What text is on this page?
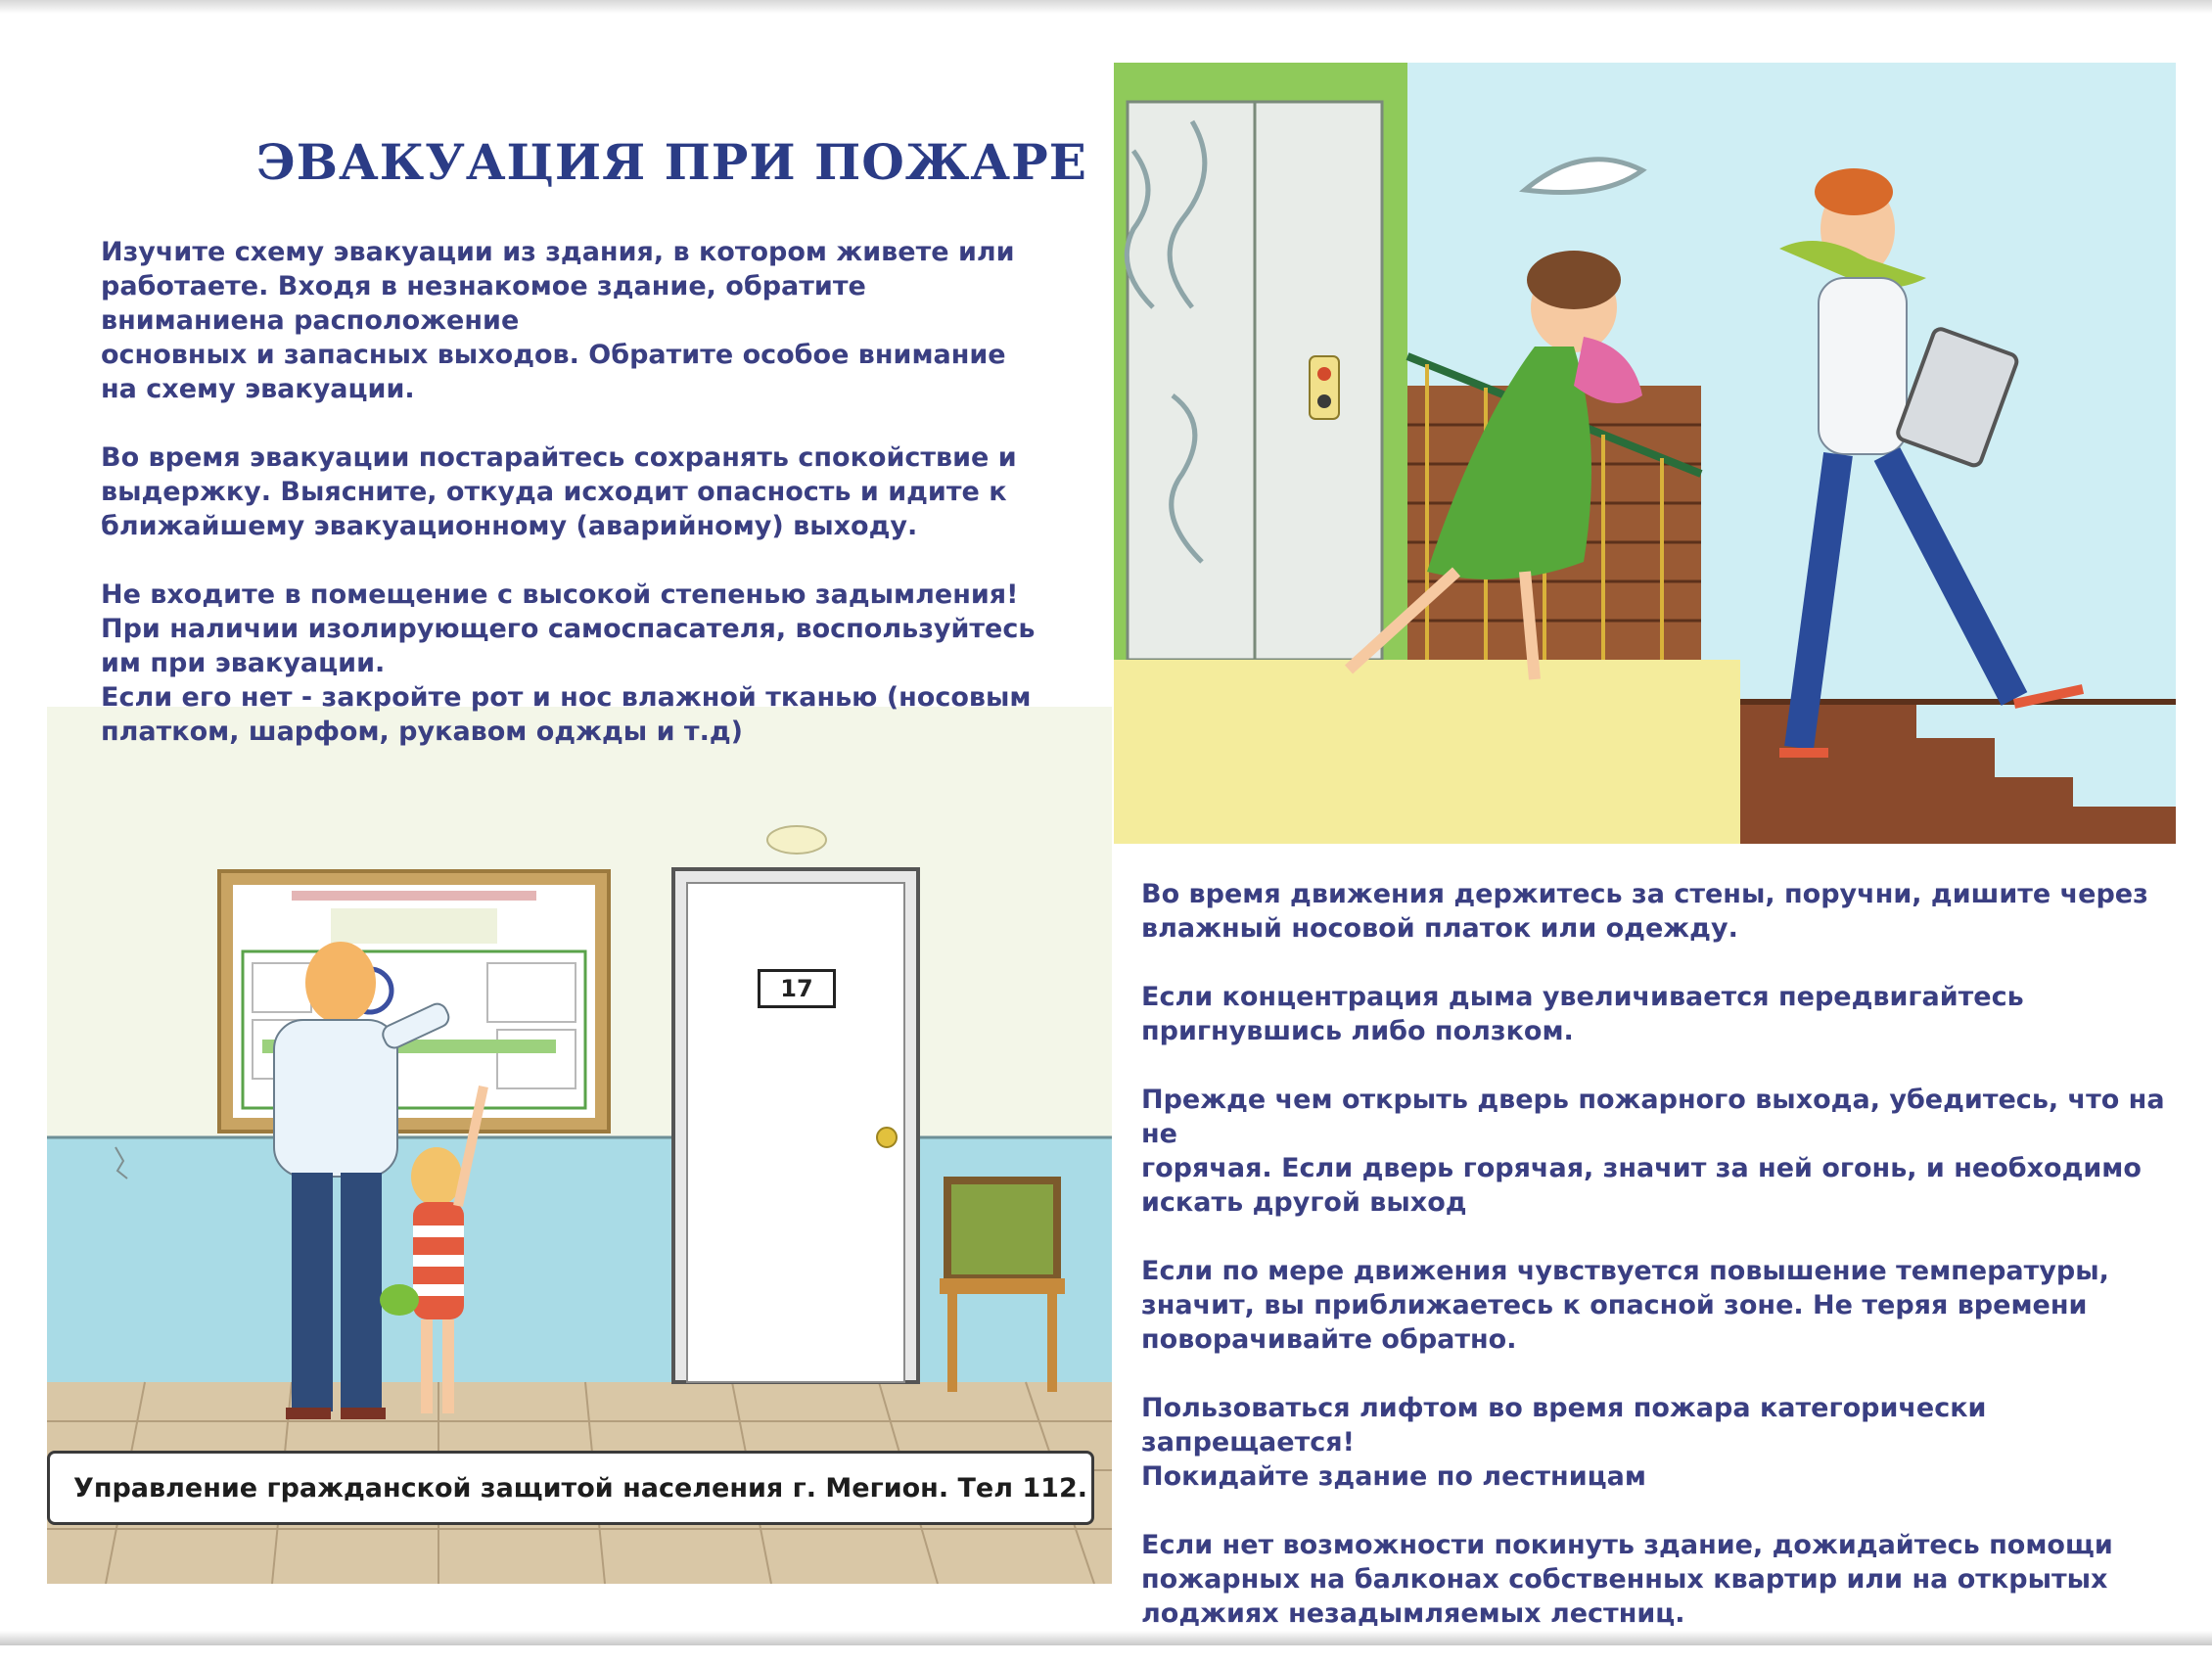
ЭВАКУАЦИЯ ПРИ ПОЖАРЕ
17

Изучите схему эвакуации из здания, в котором живете или
работаете. Входя в незнакомое здание, обратите
вниманиена расположение
основных и запасных выходов. Обратите особое внимание
на схему эвакуации.

Во время эвакуации постарайтесь сохранять спокойствие и
выдержку. Выясните, откуда исходит опасность и идите к
ближайшему эвакуационному (аварийному) выходу.

Не входите в помещение с высокой степенью задымления!
При наличии изолирующего самоспасателя, воспользуйтесь
им при эвакуации.
Если его нет - закройте рот и нос влажной тканью (носовым
платком, шарфом, рукавом оджды и т.д)

Во время движения держитесь за стены, поручни, дишите через
влажный носовой платок или одежду.

Если концентрация дыма увеличивается передвигайтесь
пригнувшись либо ползком.

Прежде чем открыть дверь пожарного выхода, убедитесь, что на не
горячая. Если дверь горячая, значит за ней огонь, и необходимо
искать другой выход

Если по мере движения чувствуется повышение температуры,
значит, вы приближаетесь к опасной зоне. Не теряя времени
поворачивайте обратно.

Пользоваться лифтом во время пожара категорически запрещается!
Покидайте здание по лестницам

Если нет возможности покинуть здание, дожидайтесь помощи
пожарных на балконах собственных квартир или на открытых
лоджиях незадымляемых лестниц.

Управление гражданской защитой населения г. Мегион. Тел 112.
